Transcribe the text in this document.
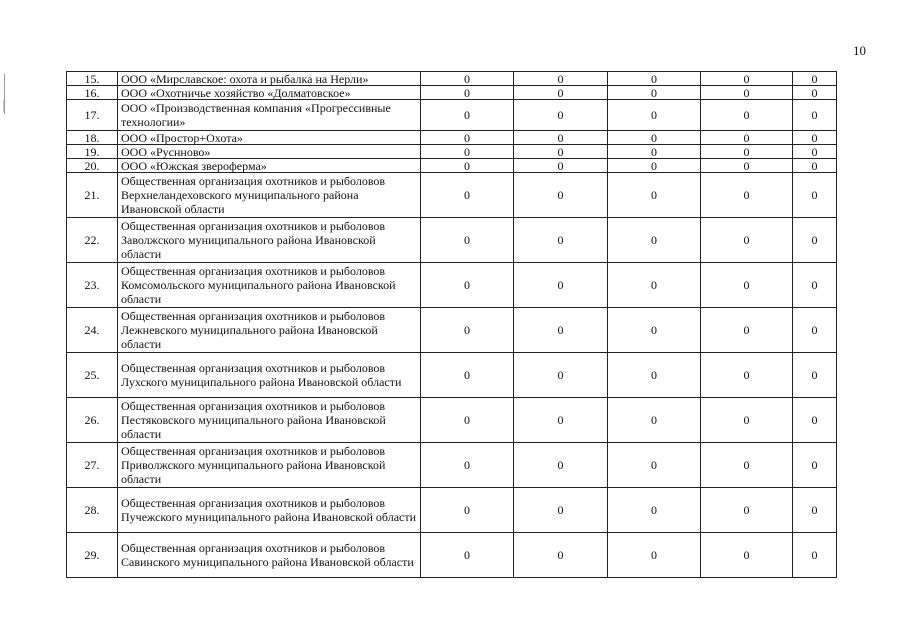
10
15.	ООО «Мирславское: охота и рыбалка на Нерли»	0	0	0	0	0
16.	ООО «Охотничье хозяйство «Долматовское»	0	0	0	0	0
17.	ООО «Производственная компания «Прогрессивные технологии»	0	0	0	0	0
18.	ООО «Простор+Охота»	0	0	0	0	0
19.	ООО «Руснново»	0	0	0	0	0
20.	ООО «Южская звероферма»	0	0	0	0	0
21.	Общественная организация охотников и рыболовов Верхнеландеховского муниципального района Ивановской области	0	0	0	0	0
22.	Общественная организация охотников и рыболовов Заволжского муниципального района Ивановской области	0	0	0	0	0
23.	Общественная организация охотников и рыболовов Комсомольского муниципального района Ивановской области	0	0	0	0	0
24.	Общественная организация охотников и рыболовов Лежневского муниципального района Ивановской области	0	0	0	0	0
25.	Общественная организация охотников и рыболовов Лухского муниципального района Ивановской области	0	0	0	0	0
26.	Общественная организация охотников и рыболовов Пестяковского муниципального района Ивановской области	0	0	0	0	0
27.	Общественная организация охотников и рыболовов Приволжского муниципального района Ивановской области	0	0	0	0	0
28.	Общественная организация охотников и рыболовов Пучежского муниципального района Ивановской области	0	0	0	0	0
29.	Общественная организация охотников и рыболовов Савинского муниципального района Ивановской области	0	0	0	0	0
